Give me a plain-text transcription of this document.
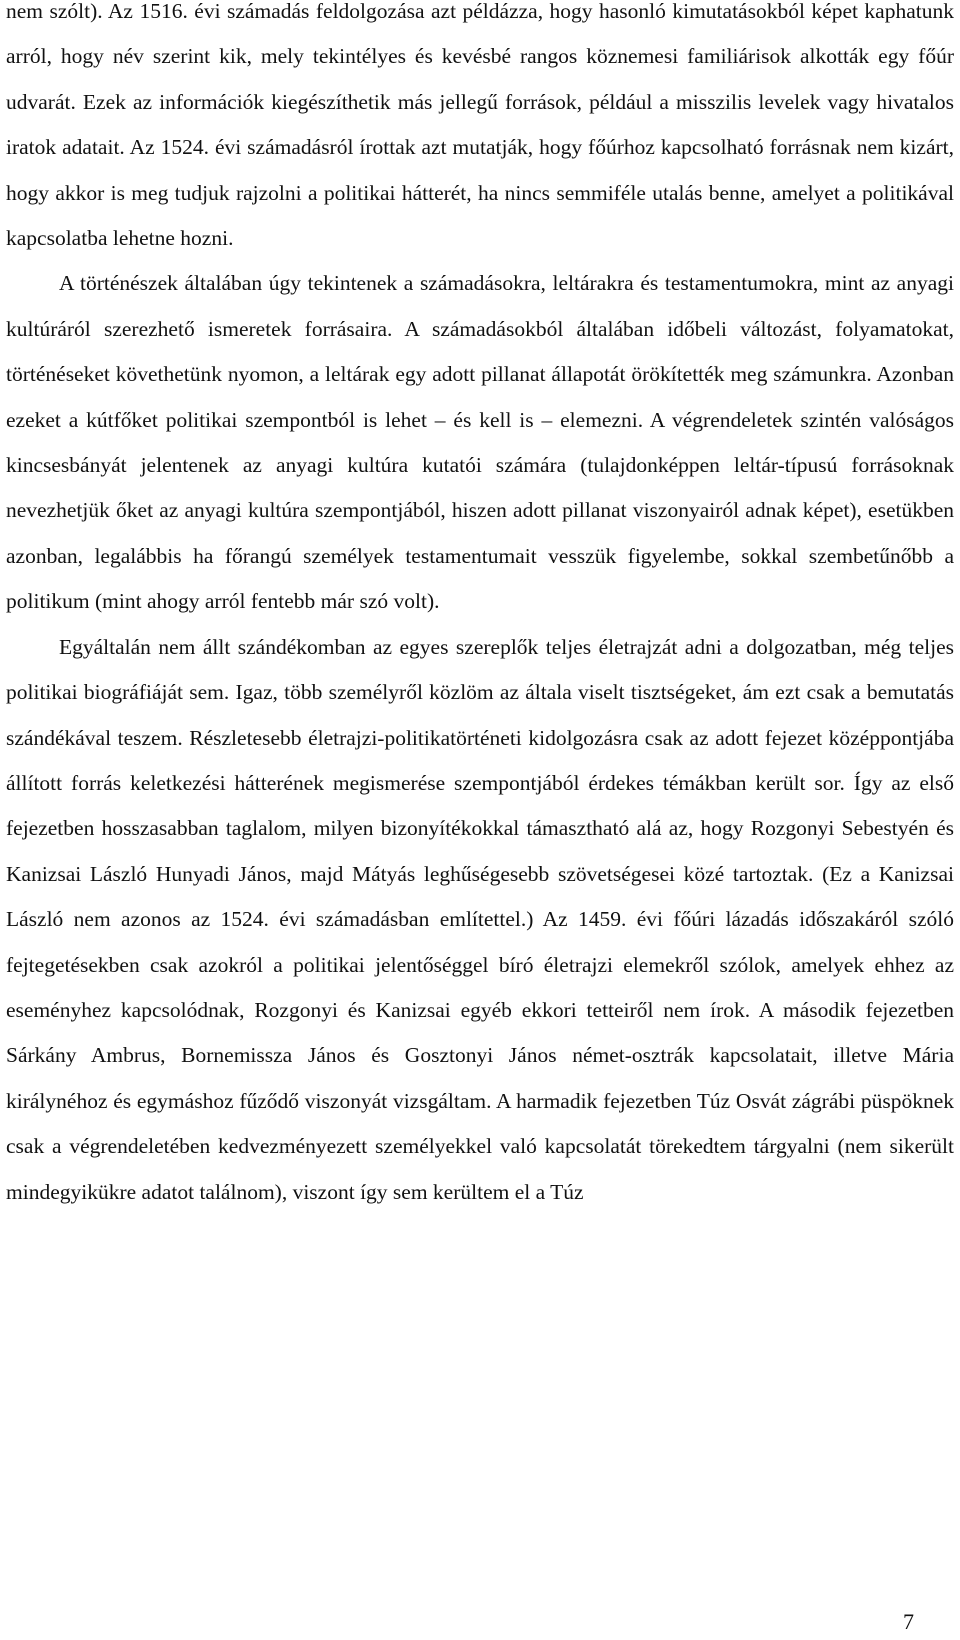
nem szólt). Az 1516. évi számadás feldolgozása azt példázza, hogy hasonló kimutatásokból képet kaphatunk arról, hogy név szerint kik, mely tekintélyes és kevésbé rangos köznemesi familiárisok alkották egy főúr udvarát. Ezek az információk kiegészíthetik más jellegű források, például a misszilis levelek vagy hivatalos iratok adatait. Az 1524. évi számadásról írottak azt mutatják, hogy főúrhoz kapcsolható forrásnak nem kizárt, hogy akkor is meg tudjuk rajzolni a politikai hátterét, ha nincs semmiféle utalás benne, amelyet a politikával kapcsolatba lehetne hozni.

A történészek általában úgy tekintenek a számadásokra, leltárakra és testamentumokra, mint az anyagi kultúráról szerezhető ismeretek forrásaira. A számadásokból általában időbeli változást, folyamatokat, történéseket követhetünk nyomon, a leltárak egy adott pillanat állapotát örökítették meg számunkra. Azonban ezeket a kútfőket politikai szempontból is lehet – és kell is – elemezni. A végrendeletek szintén valóságos kincsesbányát jelentenek az anyagi kultúra kutatói számára (tulajdonképpen leltár-típusú forrásoknak nevezhetjük őket az anyagi kultúra szempontjából, hiszen adott pillanat viszonyairól adnak képet), esetükben azonban, legalábbis ha főrangú személyek testamentumait vesszük figyelembe, sokkal szembetűnőbb a politikum (mint ahogy arról fentebb már szó volt).

Egyáltalán nem állt szándékomban az egyes szereplők teljes életrajzát adni a dolgozatban, még teljes politikai biográfiáját sem. Igaz, több személyről közlöm az általa viselt tisztségeket, ám ezt csak a bemutatás szándékával teszem. Részletesebb életrajzi-politikatörténeti kidolgozásra csak az adott fejezet középpontjába állított forrás keletkezési hátterének megismerése szempontjából érdekes témákban került sor. Így az első fejezetben hosszasabban taglalom, milyen bizonyítékokkal támasztható alá az, hogy Rozgonyi Sebestyén és Kanizsai László Hunyadi János, majd Mátyás leghűségesebb szövetségesei közé tartoztak. (Ez a Kanizsai László nem azonos az 1524. évi számadásban említettel.) Az 1459. évi főúri lázadás időszakáról szóló fejtegetésekben csak azokról a politikai jelentőséggel bíró életrajzi elemekről szólok, amelyek ehhez az eseményhez kapcsolódnak, Rozgonyi és Kanizsai egyéb ekkori tetteiről nem írok. A második fejezetben Sárkány Ambrus, Bornemissza János és Gosztonyi János német-osztrák kapcsolatait, illetve Mária királynéhoz és egymáshoz fűződő viszonyát vizsgáltam. A harmadik fejezetben Túz Osvát zágrábi püspöknek csak a végrendeletében kedvezményezett személyekkel való kapcsolatát törekedtem tárgyalni (nem sikerült mindegyikükre adatot találnom), viszont így sem kerültem el a Túz

7
